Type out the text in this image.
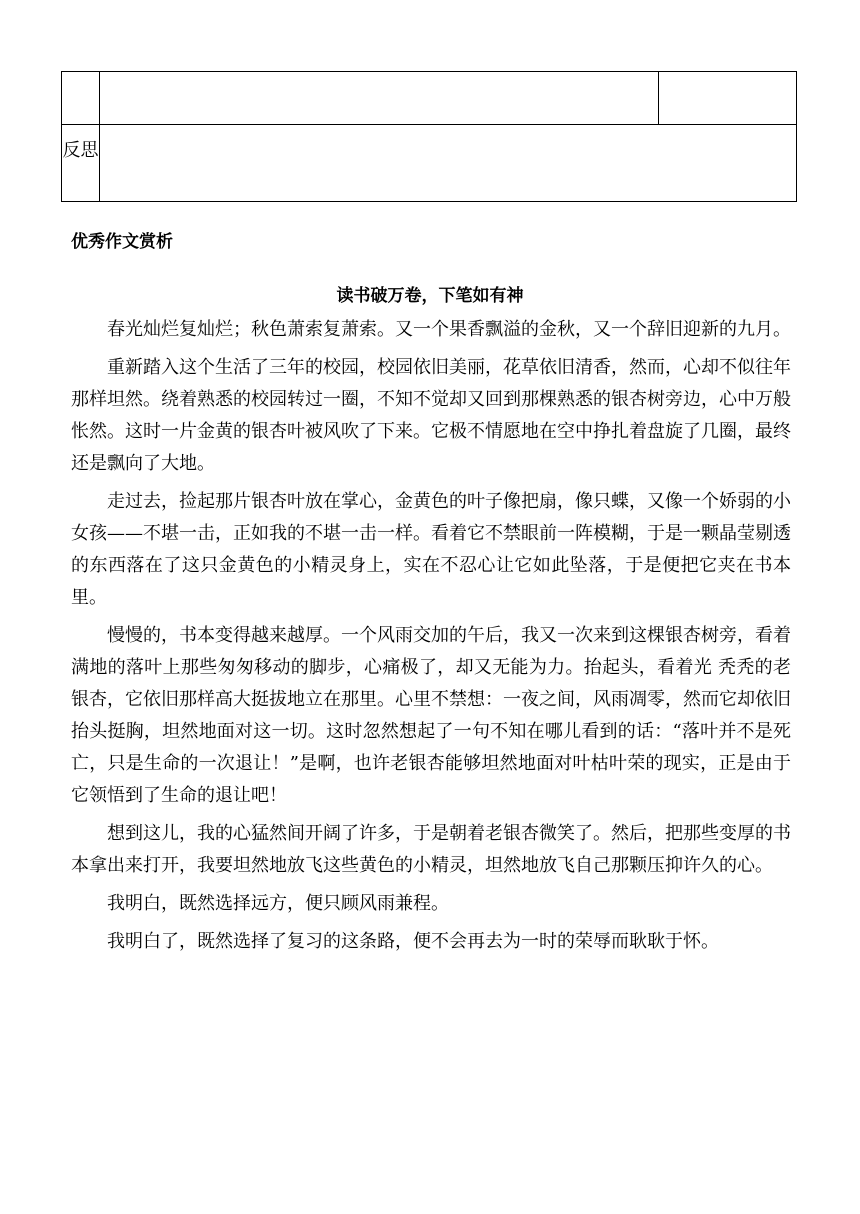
反思
优秀作文赏析
读书破万卷，下笔如有神

春光灿烂复灿烂；秋色萧索复萧索。又一个果香飘溢的金秋，又一个辞旧迎新的九月。

重新踏入这个生活了三年的校园，校园依旧美丽，花草依旧清香，然而，心却不似往年那样坦然。绕着熟悉的校园转过一圈，不知不觉却又回到那棵熟悉的银杏树旁边，心中万般怅然。这时一片金黄的银杏叶被风吹了下来。它极不情愿地在空中挣扎着盘旋了几圈，最终还是飘向了大地。

走过去，捡起那片银杏叶放在掌心，金黄色的叶子像把扇，像只蝶，又像一个娇弱的小女孩——不堪一击，正如我的不堪一击一样。看着它不禁眼前一阵模糊，于是一颗晶莹剔透的东西落在了这只金黄色的小精灵身上，实在不忍心让它如此坠落，于是便把它夹在书本里。

慢慢的，书本变得越来越厚。一个风雨交加的午后，我又一次来到这棵银杏树旁，看着满地的落叶上那些匆匆移动的脚步，心痛极了，却又无能为力。抬起头，看着光 秃秃的老银杏，它依旧那样高大挺拔地立在那里。心里不禁想：一夜之间，风雨凋零，然而它却依旧抬头挺胸，坦然地面对这一切。这时忽然想起了一句不知在哪儿看到的话：“落叶并不是死亡，只是生命的一次退让！”是啊，也许老银杏能够坦然地面对叶枯叶荣的现实，正是由于它领悟到了生命的退让吧！

想到这儿，我的心猛然间开阔了许多，于是朝着老银杏微笑了。然后，把那些变厚的书本拿出来打开，我要坦然地放飞这些黄色的小精灵，坦然地放飞自己那颗压抑许久的心。

我明白，既然选择远方，便只顾风雨兼程。

我明白了，既然选择了复习的这条路，便不会再去为一时的荣辱而耿耿于怀。
